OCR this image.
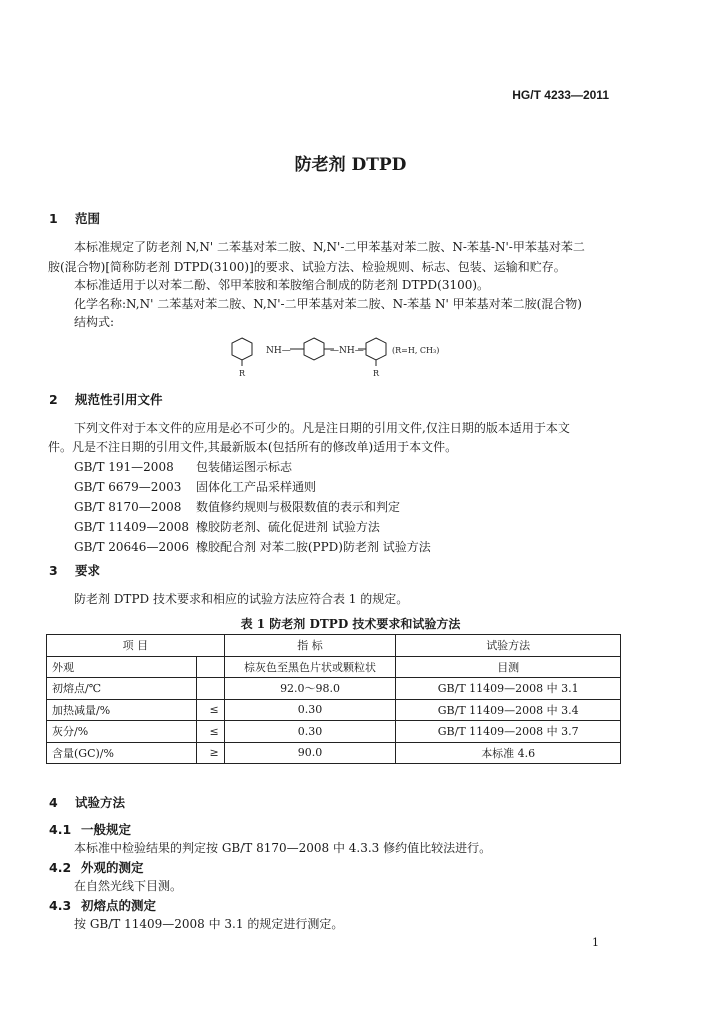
HG/T 4233—2011
防老剂 DTPD
1 范围
本标准规定了防老剂 N,N' 二苯基对苯二胺、N,N'-二甲苯基对苯二胺、N-苯基-N'-甲苯基对苯二
胺(混合物)[简称防老剂 DTPD(3100)]的要求、试验方法、检验规则、标志、包装、运输和贮存。
本标准适用于以对苯二酚、邻甲苯胺和苯胺缩合制成的防老剂 DTPD(3100)。
化学名称:N,N' 二苯基对苯二胺、N,N'-二甲苯基对苯二胺、N-苯基 N' 甲苯基对苯二胺(混合物)
结构式:
NH—	—NH—	(R=H, CH₃)
R	R
2 规范性引用文件
下列文件对于本文件的应用是必不可少的。凡是注日期的引用文件,仅注日期的版本适用于本文
件。凡是不注日期的引用文件,其最新版本(包括所有的修改单)适用于本文件。
GB/T 191—2008 包装储运图示标志
GB/T 6679—2003 固体化工产品采样通则
GB/T 8170—2008 数值修约规则与极限数值的表示和判定
GB/T 11409—2008 橡胶防老剂、硫化促进剂 试验方法
GB/T 20646—2006 橡胶配合剂 对苯二胺(PPD)防老剂 试验方法
3 要求
防老剂 DTPD 技术要求和相应的试验方法应符合表 1 的规定。
表 1 防老剂 DTPD 技术要求和试验方法
项 目		指 标	试验方法
外观		棕灰色至黑色片状或颗粒状	目测
初熔点/℃		92.0～98.0	GB/T 11409—2008 中 3.1
加热减量/%	≤	0.30	GB/T 11409—2008 中 3.4
灰分/%	≤	0.30	GB/T 11409—2008 中 3.7
含量(GC)/%	≥	90.0	本标准 4.6
4 试验方法
4.1 一般规定
本标准中检验结果的判定按 GB/T 8170—2008 中 4.3.3 修约值比较法进行。
4.2 外观的测定
在自然光线下目测。
4.3 初熔点的测定
按 GB/T 11409—2008 中 3.1 的规定进行测定。
1
